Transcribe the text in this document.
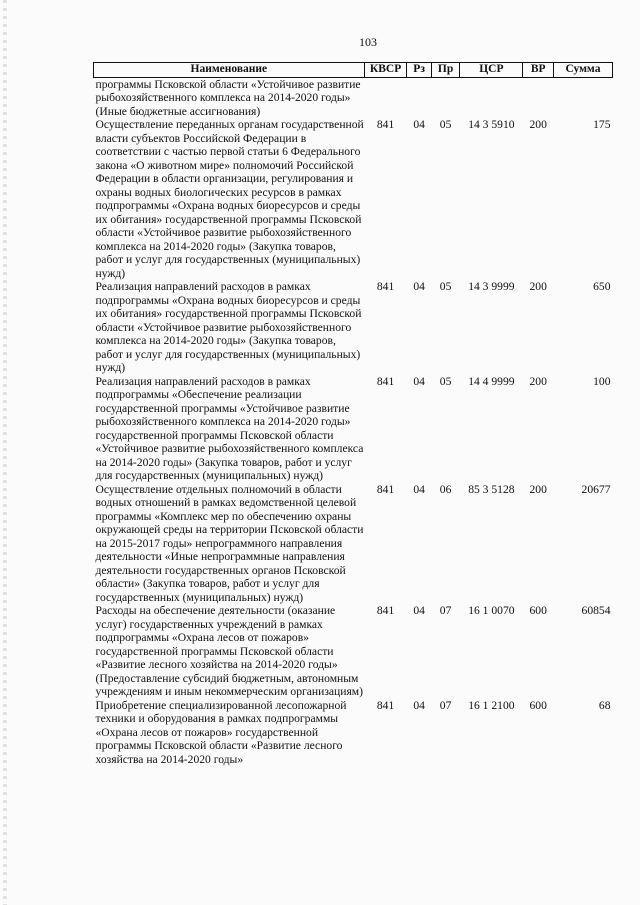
103
Наименование	КВСР	Рз	Пр	ЦСР	ВР	Сумма
программы Псковской области «Устойчивое развитие рыбохозяйственного комплекса на 2014-2020 годы» (Иные бюджетные ассигнования)						
Осуществление переданных органам государственной власти субъектов Российской Федерации в соответствии с частью первой статьи 6 Федерального закона «О животном мире» полномочий Российской Федерации в области организации, регулирования и охраны водных биологических ресурсов в рамках подпрограммы «Охрана водных биоресурсов и среды их обитания» государственной программы Псковской области «Устойчивое развитие рыбохозяйственного комплекса на 2014-2020 годы» (Закупка товаров, работ и услуг для государственных (муниципальных) нужд)	841	04	05	14 3 5910	200	175
Реализация направлений расходов в рамках подпрограммы «Охрана водных биоресурсов и среды их обитания» государственной программы Псковской области «Устойчивое развитие рыбохозяйственного комплекса на 2014-2020 годы» (Закупка товаров, работ и услуг для государственных (муниципальных) нужд)	841	04	05	14 3 9999	200	650
Реализация направлений расходов в рамках подпрограммы «Обеспечение реализации государственной программы «Устойчивое развитие рыбохозяйственного комплекса на 2014-2020 годы» государственной программы Псковской области «Устойчивое развитие рыбохозяйственного комплекса на 2014-2020 годы» (Закупка товаров, работ и услуг для государственных (муниципальных) нужд)	841	04	05	14 4 9999	200	100
Осуществление отдельных полномочий в области водных отношений в рамках ведомственной целевой программы «Комплекс мер по обеспечению охраны окружающей среды на территории Псковской области на 2015-2017 годы» непрограммного направления деятельности «Иные непрограммные направления деятельности государственных органов Псковской области» (Закупка товаров, работ и услуг для государственных (муниципальных) нужд)	841	04	06	85 3 5128	200	20677
Расходы на обеспечение деятельности (оказание услуг) государственных учреждений в рамках подпрограммы «Охрана лесов от пожаров» государственной программы Псковской области «Развитие лесного хозяйства на 2014-2020 годы» (Предоставление субсидий бюджетным, автономным учреждениям и иным некоммерческим организациям)	841	04	07	16 1 0070	600	60854
Приобретение специализированной лесопожарной техники и оборудования в рамках подпрограммы «Охрана лесов от пожаров» государственной программы Псковской области «Развитие лесного хозяйства на 2014-2020 годы»	841	04	07	16 1 2100	600	68
